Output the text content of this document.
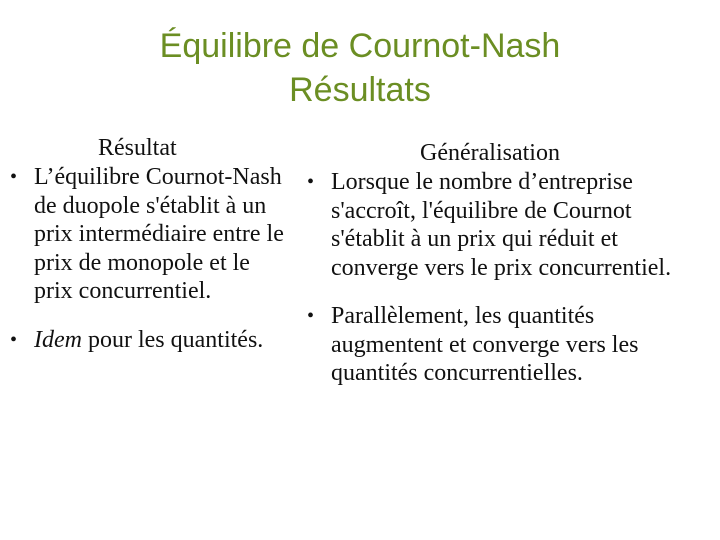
Équilibre de Cournot-Nash
Résultats
Résultat
• L’équilibre Cournot-Nash de duopole s'établit à un prix intermédiaire entre le prix de monopole et le prix concurrentiel.
• Idem pour les quantités.
Généralisation
• Lorsque le nombre d’entreprise s'accroît, l'équilibre de Cournot s'établit à un prix qui réduit et converge vers le prix concurrentiel.
• Parallèlement, les quantités augmentent et converge vers les quantités concurrentielles.
